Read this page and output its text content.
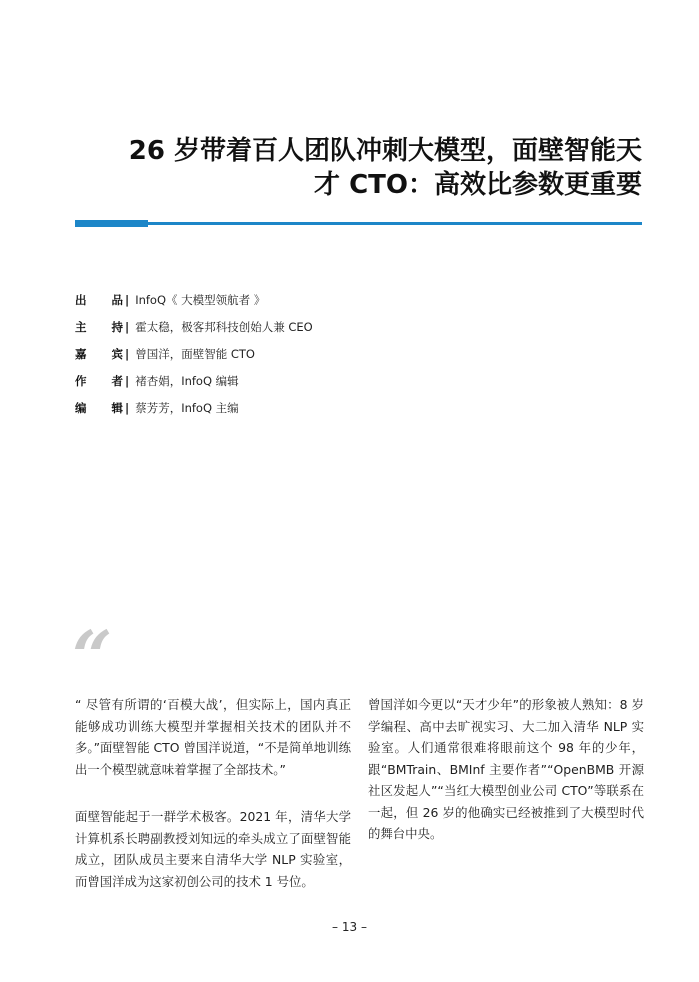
26 岁带着百人团队冲刺大模型，面壁智能天
才 CTO：高效比参数更重要
出 品 | InfoQ《 大模型领航者 》
主 持 | 霍太稳，极客邦科技创始人兼 CEO
嘉 宾 | 曾国洋，面壁智能 CTO
作 者 | 褚杏娟，InfoQ 编辑
编 辑 | 蔡芳芳，InfoQ 主编
“

“ 尽管有所谓的‘百模大战’，但实际上，国内真正能够成功训练大模型并掌握相关技术的团队并不多。”面壁智能 CTO 曾国洋说道，“不是简单地训练出一个模型就意味着掌握了全部技术。”

面壁智能起于一群学术极客。2021 年，清华大学计算机系长聘副教授刘知远的牵头成立了面壁智能成立，团队成员主要来自清华大学 NLP 实验室，而曾国洋成为这家初创公司的技术 1 号位。

曾国洋如今更以“天才少年”的形象被人熟知：8 岁学编程、高中去旷视实习、大二加入清华 NLP 实验室。人们通常很难将眼前这个 98 年的少年，跟“BMTrain、BMInf 主要作者”“OpenBMB 开源社区发起人”“当红大模型创业公司 CTO”等联系在一起，但 26 岁的他确实已经被推到了大模型时代的舞台中央。

– 13 –
